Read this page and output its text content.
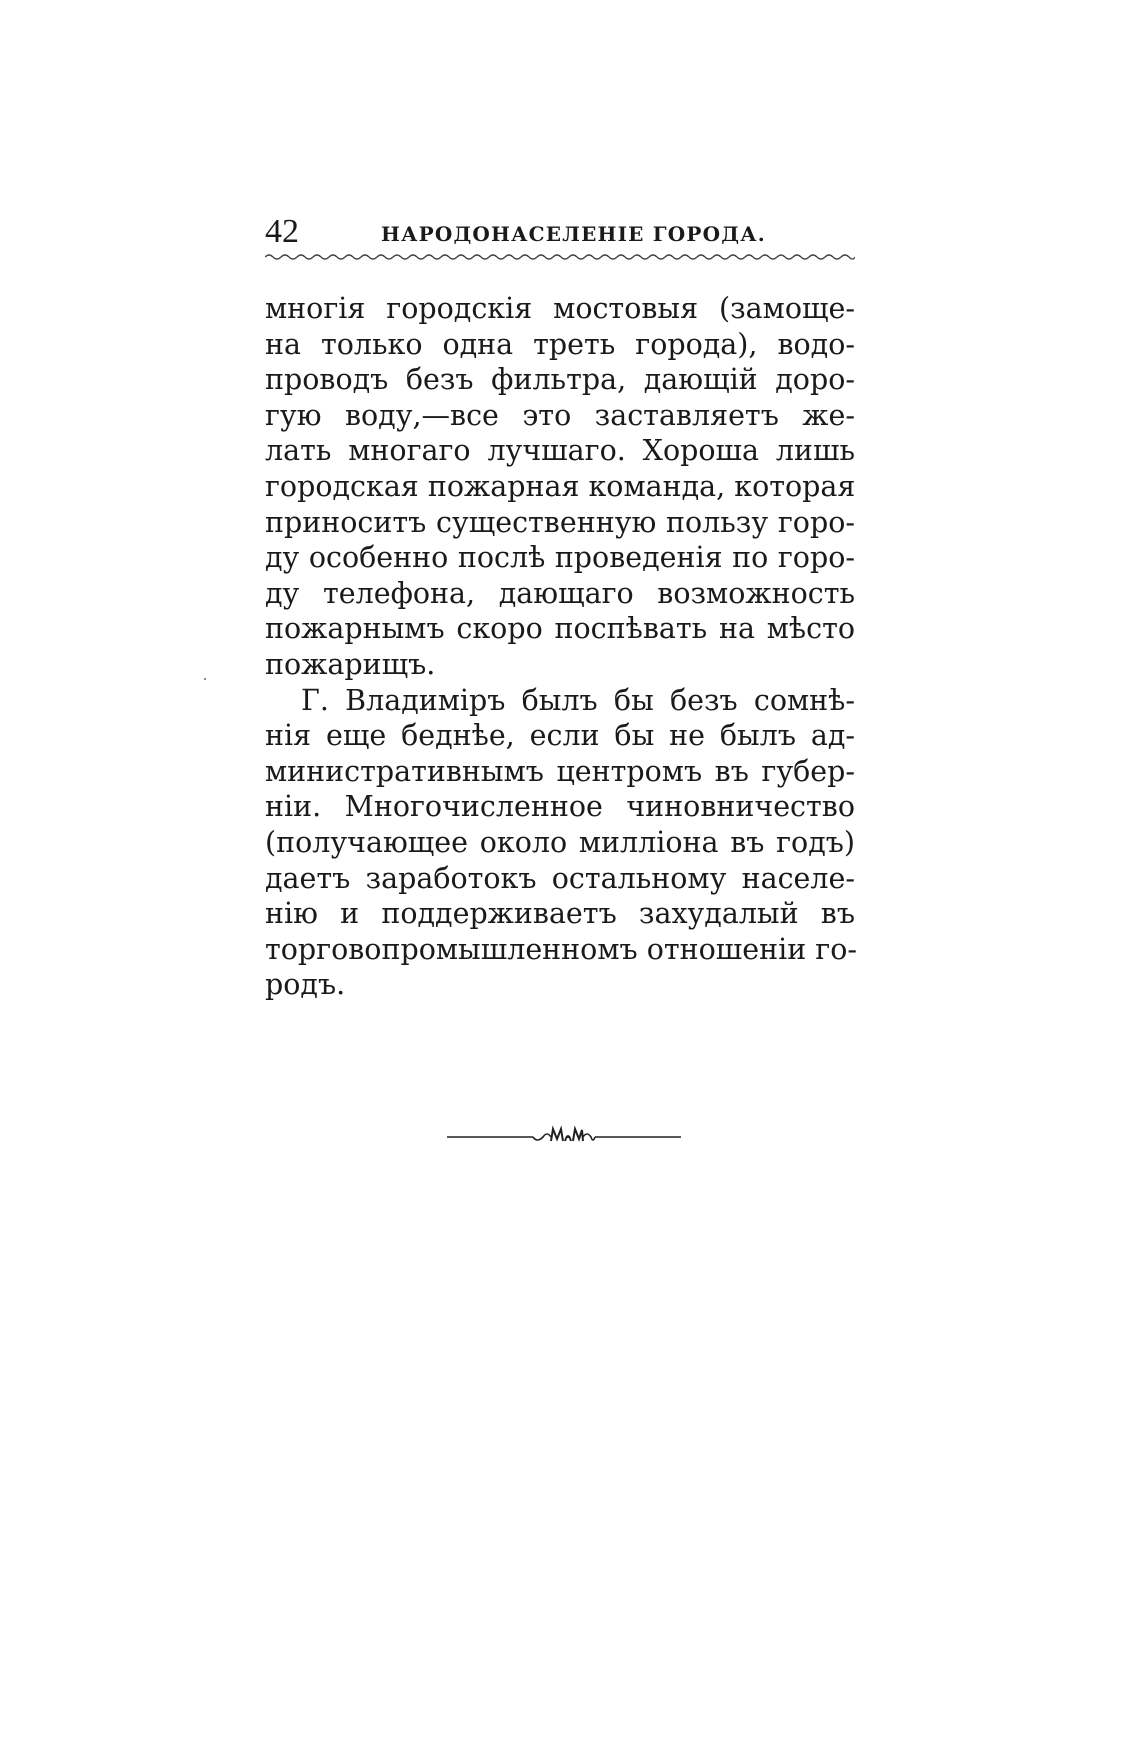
42	НАРОДОНАСЕЛЕНІЕ ГОРОДА.
многія городскія мостовыя (замоще-
на только одна треть города), водо-
проводъ безъ фильтра, дающій доро-
гую воду,—все это заставляетъ же-
лать многаго лучшаго. Хороша лишь
городская пожарная команда, которая
приноситъ существенную пользу горо-
ду особенно послѣ проведенія по горо-
ду телефона, дающаго возможность
пожарнымъ скоро поспѣвать на мѣсто
пожарищъ.
Г. Владиміръ былъ бы безъ сомнѣ-
нія еще беднѣе, если бы не былъ ад-
министративнымъ центромъ въ губер-
ніи. Многочисленное чиновничество
(получающее около милліона въ годъ)
даетъ заработокъ остальному населе-
нію и поддерживаетъ захудалый въ
торговопромышленномъ отношеніи го-
родъ.
